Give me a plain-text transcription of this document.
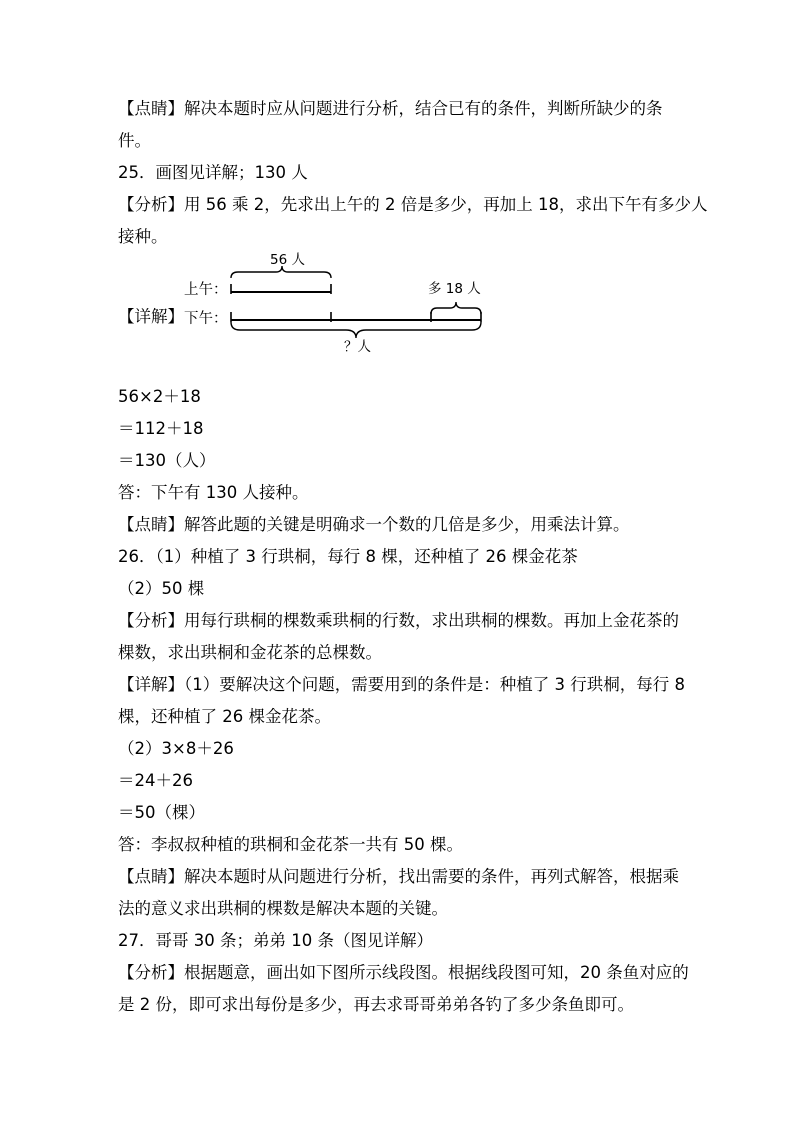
【点睛】解决本题时应从问题进行分析，结合已有的条件，判断所缺少的条
件。
25．画图见详解；130 人
【分析】用 56 乘 2，先求出上午的 2 倍是多少，再加上 18，求出下午有多少人
接种。
56 人
上午：	多 18 人
【详解】 下午：
？人
56×2＋18
＝112＋18
＝130（人）
答：下午有 130 人接种。
【点睛】解答此题的关键是明确求一个数的几倍是多少，用乘法计算。
26．（1）种植了 3 行珙桐，每行 8 棵，还种植了 26 棵金花茶
（2）50 棵
【分析】用每行珙桐的棵数乘珙桐的行数，求出珙桐的棵数。再加上金花茶的
棵数，求出珙桐和金花茶的总棵数。
【详解】（1）要解决这个问题，需要用到的条件是：种植了 3 行珙桐，每行 8
棵，还种植了 26 棵金花茶。
（2）3×8＋26
＝24＋26
＝50（棵）
答：李叔叔种植的珙桐和金花茶一共有 50 棵。
【点睛】解决本题时从问题进行分析，找出需要的条件，再列式解答，根据乘
法的意义求出珙桐的棵数是解决本题的关键。
27．哥哥 30 条；弟弟 10 条（图见详解）
【分析】根据题意，画出如下图所示线段图。根据线段图可知，20 条鱼对应的
是 2 份，即可求出每份是多少，再去求哥哥弟弟各钓了多少条鱼即可。
